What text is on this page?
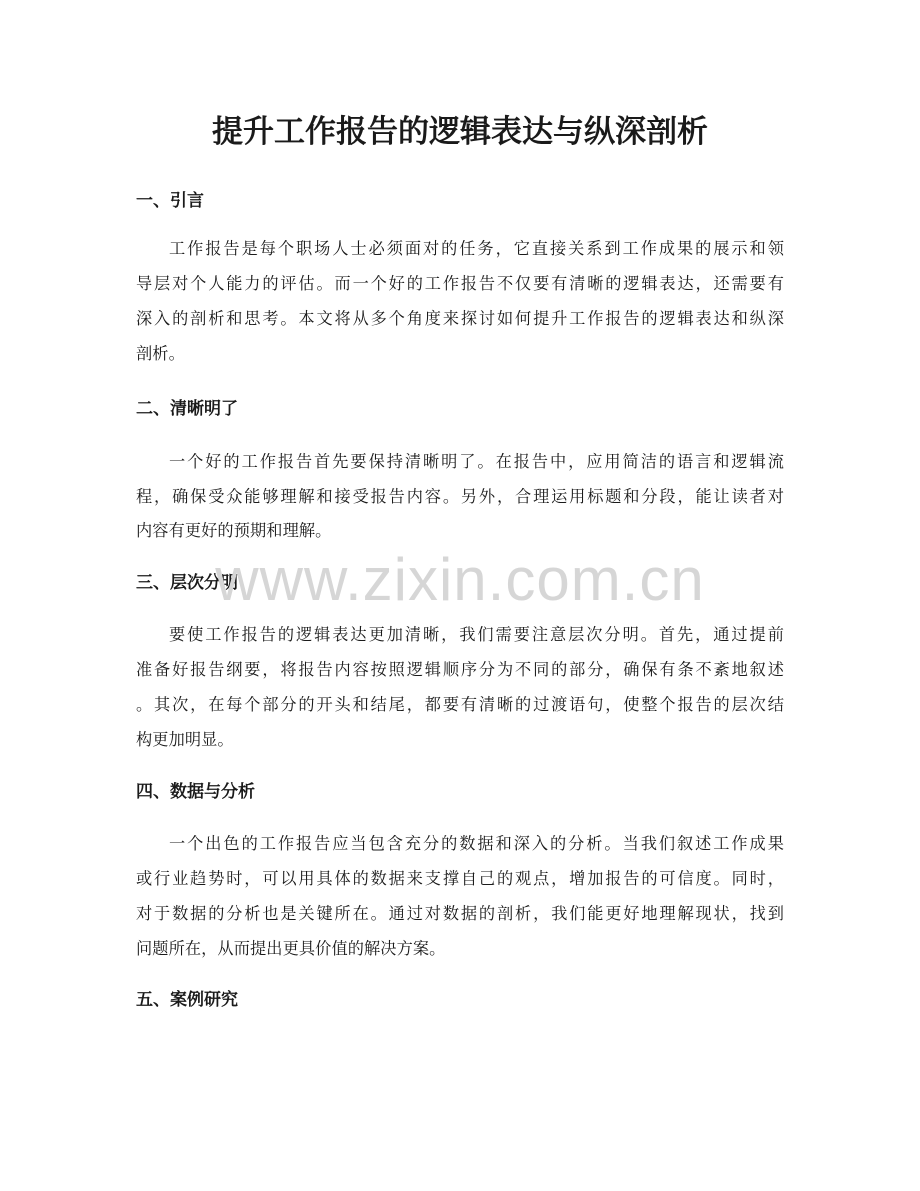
提升工作报告的逻辑表达与纵深剖析
一、引言

工作报告是每个职场人士必须面对的任务，它直接关系到工作成果的展示和领

导层对个人能力的评估。而一个好的工作报告不仅要有清晰的逻辑表达，还需要有

深入的剖析和思考。本文将从多个角度来探讨如何提升工作报告的逻辑表达和纵深

剖析。

二、清晰明了

一个好的工作报告首先要保持清晰明了。在报告中，应用简洁的语言和逻辑流

程，确保受众能够理解和接受报告内容。另外，合理运用标题和分段，能让读者对

内容有更好的预期和理解。

三、层次分明

要使工作报告的逻辑表达更加清晰，我们需要注意层次分明。首先，通过提前

准备好报告纲要，将报告内容按照逻辑顺序分为不同的部分，确保有条不紊地叙述

。其次，在每个部分的开头和结尾，都要有清晰的过渡语句，使整个报告的层次结

构更加明显。

四、数据与分析

一个出色的工作报告应当包含充分的数据和深入的分析。当我们叙述工作成果

或行业趋势时，可以用具体的数据来支撑自己的观点，增加报告的可信度。同时，

对于数据的分析也是关键所在。通过对数据的剖析，我们能更好地理解现状，找到

问题所在，从而提出更具价值的解决方案。

五、案例研究
www.zixin.com.cn
